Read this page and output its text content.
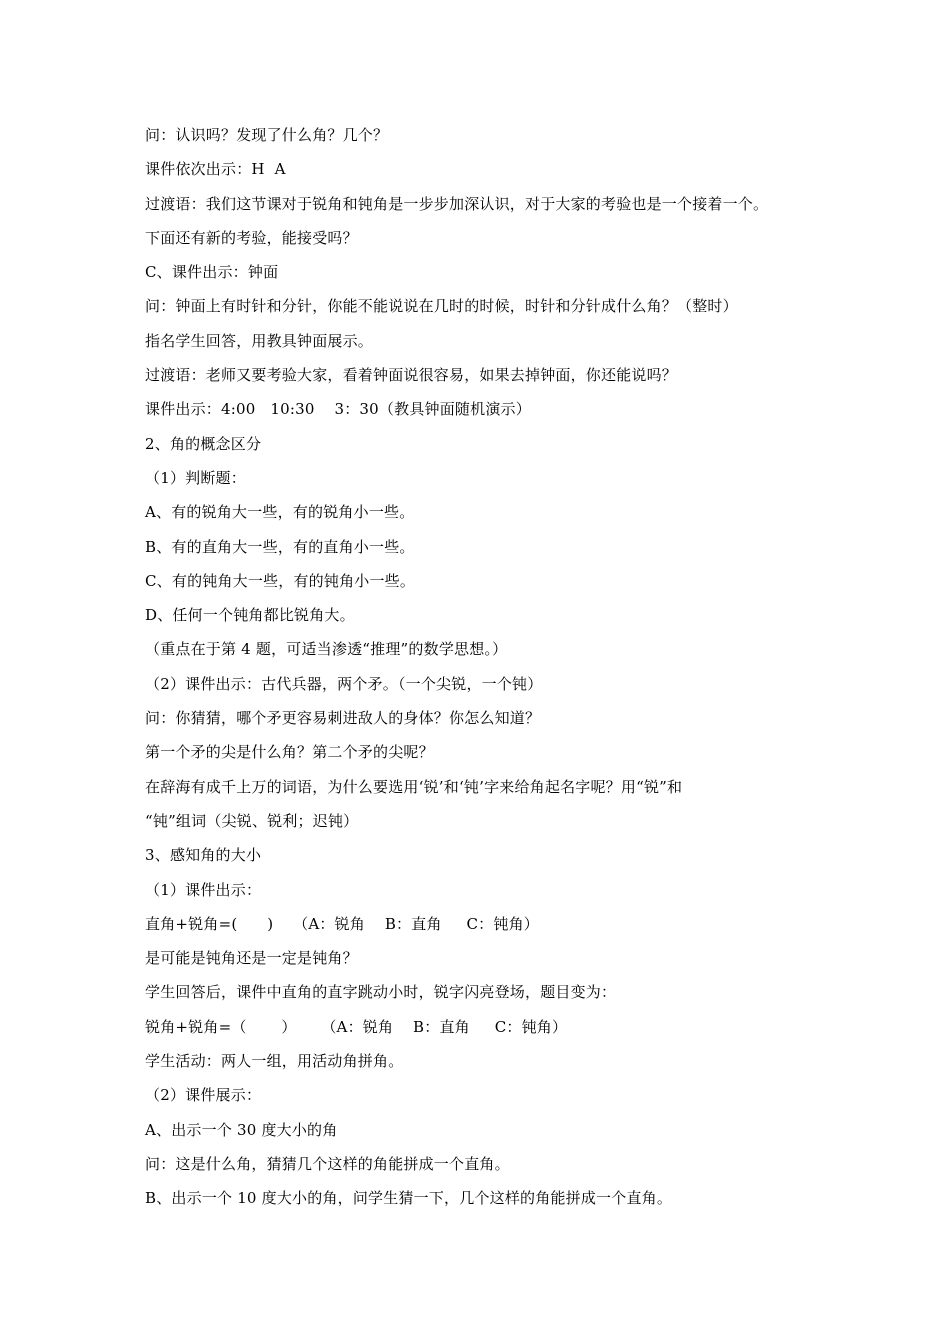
问：认识吗？发现了什么角？几个？
课件依次出示：H  A
过渡语：我们这节课对于锐角和钝角是一步步加深认识，对于大家的考验也是一个接着一个。
下面还有新的考验，能接受吗？
C、课件出示：钟面
问：钟面上有时针和分针，你能不能说说在几时的时候，时针和分针成什么角？（整时）
指名学生回答，用教具钟面展示。
过渡语：老师又要考验大家，看着钟面说很容易，如果去掉钟面，你还能说吗？
课件出示：4:00   10:30    3：30（教具钟面随机演示）
2、角的概念区分
（1）判断题：
A、有的锐角大一些，有的锐角小一些。
B、有的直角大一些，有的直角小一些。
C、有的钝角大一些，有的钝角小一些。
D、任何一个钝角都比锐角大。
（重点在于第 4 题，可适当渗透“推理”的数学思想。）
（2）课件出示：古代兵器，两个矛。（一个尖锐，一个钝）
问：你猜猜，哪个矛更容易刺进敌人的身体？你怎么知道？
第一个矛的尖是什么角？第二个矛的尖呢？
在辞海有成千上万的词语，为什么要选用‘锐’和‘钝’字来给角起名字呢？用“锐”和
“钝”组词（尖锐、锐利；迟钝）
3、感知角的大小
（1）课件出示：
直角+锐角=(      )    （A：锐角    B：直角     C：钝角）
是可能是钝角还是一定是钝角？
学生回答后，课件中直角的直字跳动小时，锐字闪亮登场，题目变为：
锐角+锐角=（       ）     （A：锐角    B：直角     C：钝角）
学生活动：两人一组，用活动角拼角。
（2）课件展示：
A、出示一个 30 度大小的角
问：这是什么角，猜猜几个这样的角能拼成一个直角。
B、出示一个 10 度大小的角，问学生猜一下，几个这样的角能拼成一个直角。
